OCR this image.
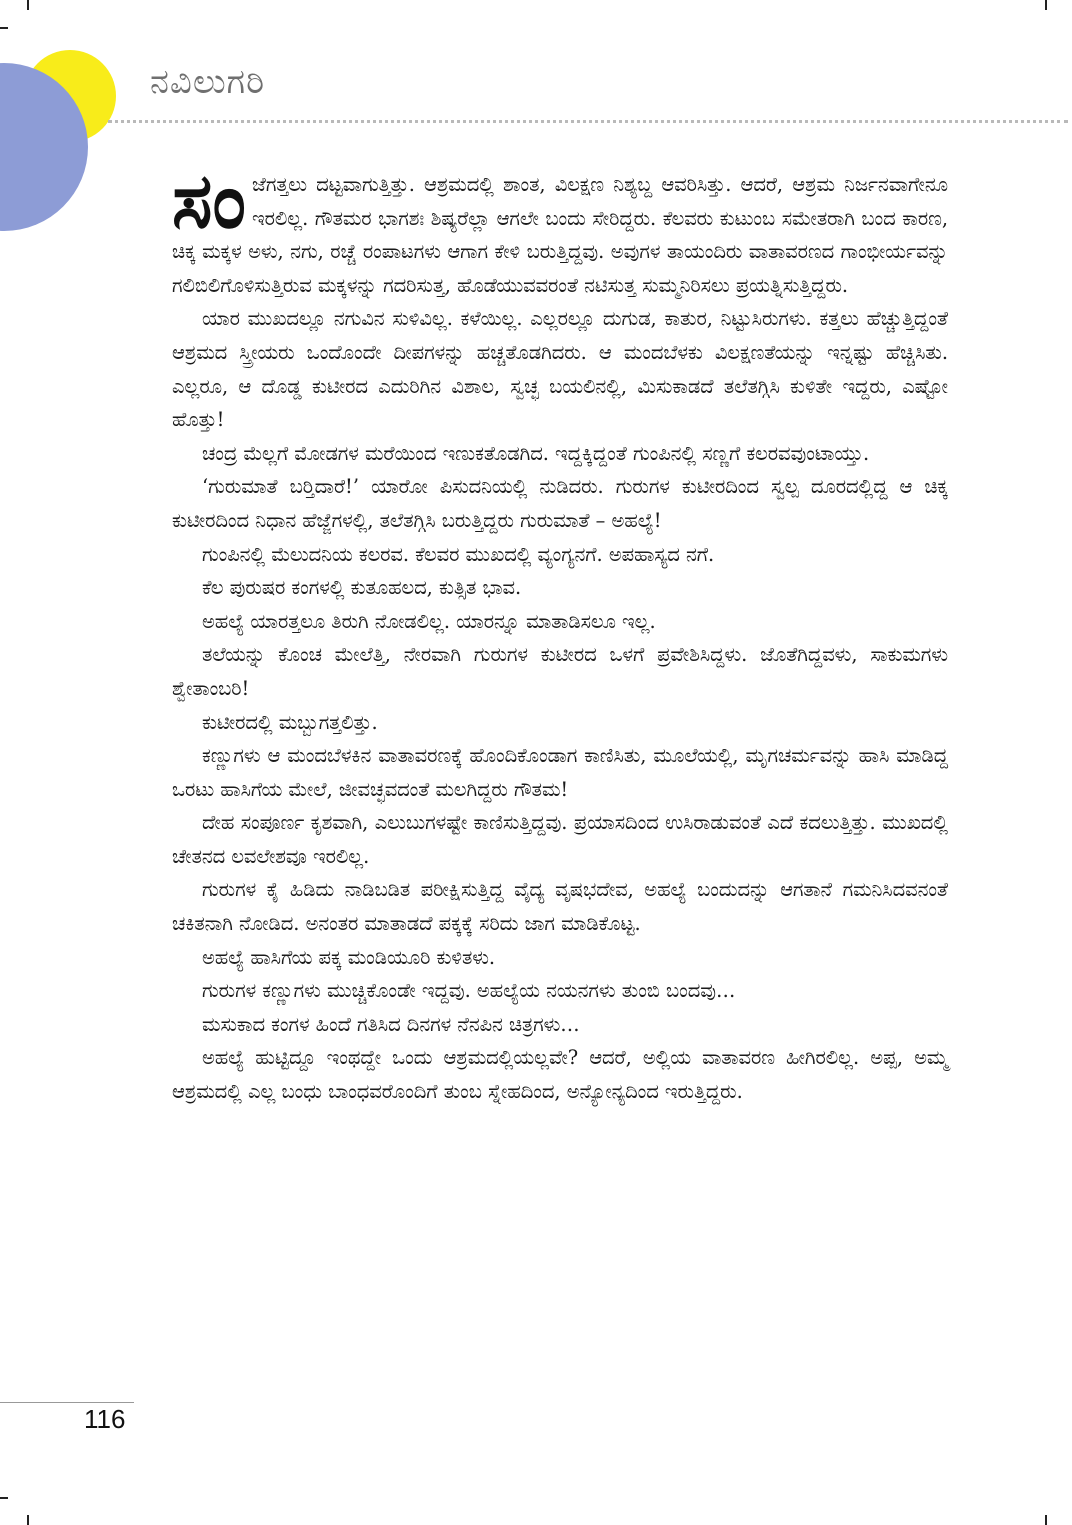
ನವಿಲುಗರಿ

ಸಂಜೆಗತ್ತಲು ದಟ್ಟವಾಗುತ್ತಿತ್ತು. ಆಶ್ರಮದಲ್ಲಿ ಶಾಂತ, ವಿಲಕ್ಷಣ ನಿಶ್ಯಬ್ದ ಆವರಿಸಿತ್ತು. ಆದರೆ, ಆಶ್ರಮ ನಿರ್ಜನವಾಗೇನೂ ಇರಲಿಲ್ಲ. ಗೌತಮರ ಭಾಗಶಃ ಶಿಷ್ಯರೆಲ್ಲಾ ಆಗಲೇ ಬಂದು ಸೇರಿದ್ದರು. ಕೆಲವರು ಕುಟುಂಬ ಸಮೇತರಾಗಿ ಬಂದ ಕಾರಣ, ಚಿಕ್ಕ ಮಕ್ಕಳ ಅಳು, ನಗು, ರಚ್ಚೆ ರಂಪಾಟಗಳು ಆಗಾಗ ಕೇಳಿ ಬರುತ್ತಿದ್ದವು. ಅವುಗಳ ತಾಯಂದಿರು ವಾತಾವರಣದ ಗಾಂಭೀರ್ಯವನ್ನು ಗಲಿಬಿಲಿಗೊಳಿಸುತ್ತಿರುವ ಮಕ್ಕಳನ್ನು ಗದರಿಸುತ್ತ, ಹೊಡೆಯುವವರಂತೆ ನಟಿಸುತ್ತ ಸುಮ್ಮನಿರಿಸಲು ಪ್ರಯತ್ನಿಸುತ್ತಿದ್ದರು.

ಯಾರ ಮುಖದಲ್ಲೂ ನಗುವಿನ ಸುಳಿವಿಲ್ಲ. ಕಳೆಯಿಲ್ಲ. ಎಲ್ಲರಲ್ಲೂ ದುಗುಡ, ಕಾತುರ, ನಿಟ್ಟುಸಿರುಗಳು. ಕತ್ತಲು ಹೆಚ್ಚುತ್ತಿದ್ದಂತೆ ಆಶ್ರಮದ ಸ್ತ್ರೀಯರು ಒಂದೊಂದೇ ದೀಪಗಳನ್ನು ಹಚ್ಚತೊಡಗಿದರು. ಆ ಮಂದಬೆಳಕು ವಿಲಕ್ಷಣತೆಯನ್ನು ಇನ್ನಷ್ಟು ಹೆಚ್ಚಿಸಿತು. ಎಲ್ಲರೂ, ಆ ದೊಡ್ಡ ಕುಟೀರದ ಎದುರಿಗಿನ ವಿಶಾಲ, ಸ್ವಚ್ಛ ಬಯಲಿನಲ್ಲಿ, ಮಿಸುಕಾಡದೆ ತಲೆತಗ್ಗಿಸಿ ಕುಳಿತೇ ಇದ್ದರು, ಎಷ್ಟೋ ಹೊತ್ತು!

ಚಂದ್ರ ಮೆಲ್ಲಗೆ ಮೋಡಗಳ ಮರೆಯಿಂದ ಇಣುಕತೊಡಗಿದ. ಇದ್ದಕ್ಕಿದ್ದಂತೆ ಗುಂಪಿನಲ್ಲಿ ಸಣ್ಣಗೆ ಕಲರವವುಂಟಾಯ್ತು.

‘ಗುರುಮಾತೆ ಬರ್‍ತಿದಾರೆ!’ ಯಾರೋ ಪಿಸುದನಿಯಲ್ಲಿ ನುಡಿದರು. ಗುರುಗಳ ಕುಟೀರದಿಂದ ಸ್ವಲ್ಪ ದೂರದಲ್ಲಿದ್ದ ಆ ಚಿಕ್ಕ ಕುಟೀರದಿಂದ ನಿಧಾನ ಹೆಜ್ಜೆಗಳಲ್ಲಿ, ತಲೆತಗ್ಗಿಸಿ ಬರುತ್ತಿದ್ದರು ಗುರುಮಾತೆ – ಅಹಲ್ಯೆ!

ಗುಂಪಿನಲ್ಲಿ ಮೆಲುದನಿಯ ಕಲರವ. ಕೆಲವರ ಮುಖದಲ್ಲಿ ವ್ಯಂಗ್ಯನಗೆ. ಅಪಹಾಸ್ಯದ ನಗೆ.

ಕೆಲ ಪುರುಷರ ಕಂಗಳಲ್ಲಿ ಕುತೂಹಲದ, ಕುತ್ಸಿತ ಭಾವ.

ಅಹಲ್ಯೆ ಯಾರತ್ತಲೂ ತಿರುಗಿ ನೋಡಲಿಲ್ಲ. ಯಾರನ್ನೂ ಮಾತಾಡಿಸಲೂ ಇಲ್ಲ.

ತಲೆಯನ್ನು ಕೊಂಚ ಮೇಲೆತ್ತಿ, ನೇರವಾಗಿ ಗುರುಗಳ ಕುಟೀರದ ಒಳಗೆ ಪ್ರವೇಶಿಸಿದ್ದಳು. ಜೊತೆಗಿದ್ದವಳು, ಸಾಕುಮಗಳು ಶ್ವೇತಾಂಬರಿ!

ಕುಟೀರದಲ್ಲಿ ಮಬ್ಬುಗತ್ತಲಿತ್ತು.

ಕಣ್ಣುಗಳು ಆ ಮಂದಬೆಳಕಿನ ವಾತಾವರಣಕ್ಕೆ ಹೊಂದಿಕೊಂಡಾಗ ಕಾಣಿಸಿತು, ಮೂಲೆಯಲ್ಲಿ, ಮೃಗಚರ್ಮವನ್ನು ಹಾಸಿ ಮಾಡಿದ್ದ ಒರಟು ಹಾಸಿಗೆಯ ಮೇಲೆ, ಜೀವಚ್ಛವದಂತೆ ಮಲಗಿದ್ದರು ಗೌತಮ!

ದೇಹ ಸಂಪೂರ್ಣ ಕೃಶವಾಗಿ, ಎಲುಬುಗಳಷ್ಟೇ ಕಾಣಿಸುತ್ತಿದ್ದವು. ಪ್ರಯಾಸದಿಂದ ಉಸಿರಾಡುವಂತೆ ಎದೆ ಕದಲುತ್ತಿತ್ತು. ಮುಖದಲ್ಲಿ ಚೇತನದ ಲವಲೇಶವೂ ಇರಲಿಲ್ಲ.

ಗುರುಗಳ ಕೈ ಹಿಡಿದು ನಾಡಿಬಡಿತ ಪರೀಕ್ಷಿಸುತ್ತಿದ್ದ ವೈದ್ಯ ವೃಷಭದೇವ, ಅಹಲ್ಯೆ ಬಂದುದನ್ನು ಆಗತಾನೆ ಗಮನಿಸಿದವನಂತೆ ಚಕಿತನಾಗಿ ನೋಡಿದ. ಅನಂತರ ಮಾತಾಡದೆ ಪಕ್ಕಕ್ಕೆ ಸರಿದು ಜಾಗ ಮಾಡಿಕೊಟ್ಟ.

ಅಹಲ್ಯೆ ಹಾಸಿಗೆಯ ಪಕ್ಕ ಮಂಡಿಯೂರಿ ಕುಳಿತಳು.

ಗುರುಗಳ ಕಣ್ಣುಗಳು ಮುಚ್ಚಿಕೊಂಡೇ ಇದ್ದವು. ಅಹಲ್ಯೆಯ ನಯನಗಳು ತುಂಬಿ ಬಂದವು…

ಮಸುಕಾದ ಕಂಗಳ ಹಿಂದೆ ಗತಿಸಿದ ದಿನಗಳ ನೆನಪಿನ ಚಿತ್ರಗಳು…

ಅಹಲ್ಯೆ ಹುಟ್ಟಿದ್ದೂ ಇಂಥದ್ದೇ ಒಂದು ಆಶ್ರಮದಲ್ಲಿಯಲ್ಲವೇ? ಆದರೆ, ಅಲ್ಲಿಯ ವಾತಾವರಣ ಹೀಗಿರಲಿಲ್ಲ. ಅಪ್ಪ, ಅಮ್ಮ ಆಶ್ರಮದಲ್ಲಿ ಎಲ್ಲ ಬಂಧು ಬಾಂಧವರೊಂದಿಗೆ ತುಂಬ ಸ್ನೇಹದಿಂದ, ಅನ್ಯೋನ್ಯದಿಂದ ಇರುತ್ತಿದ್ದರು.

116
